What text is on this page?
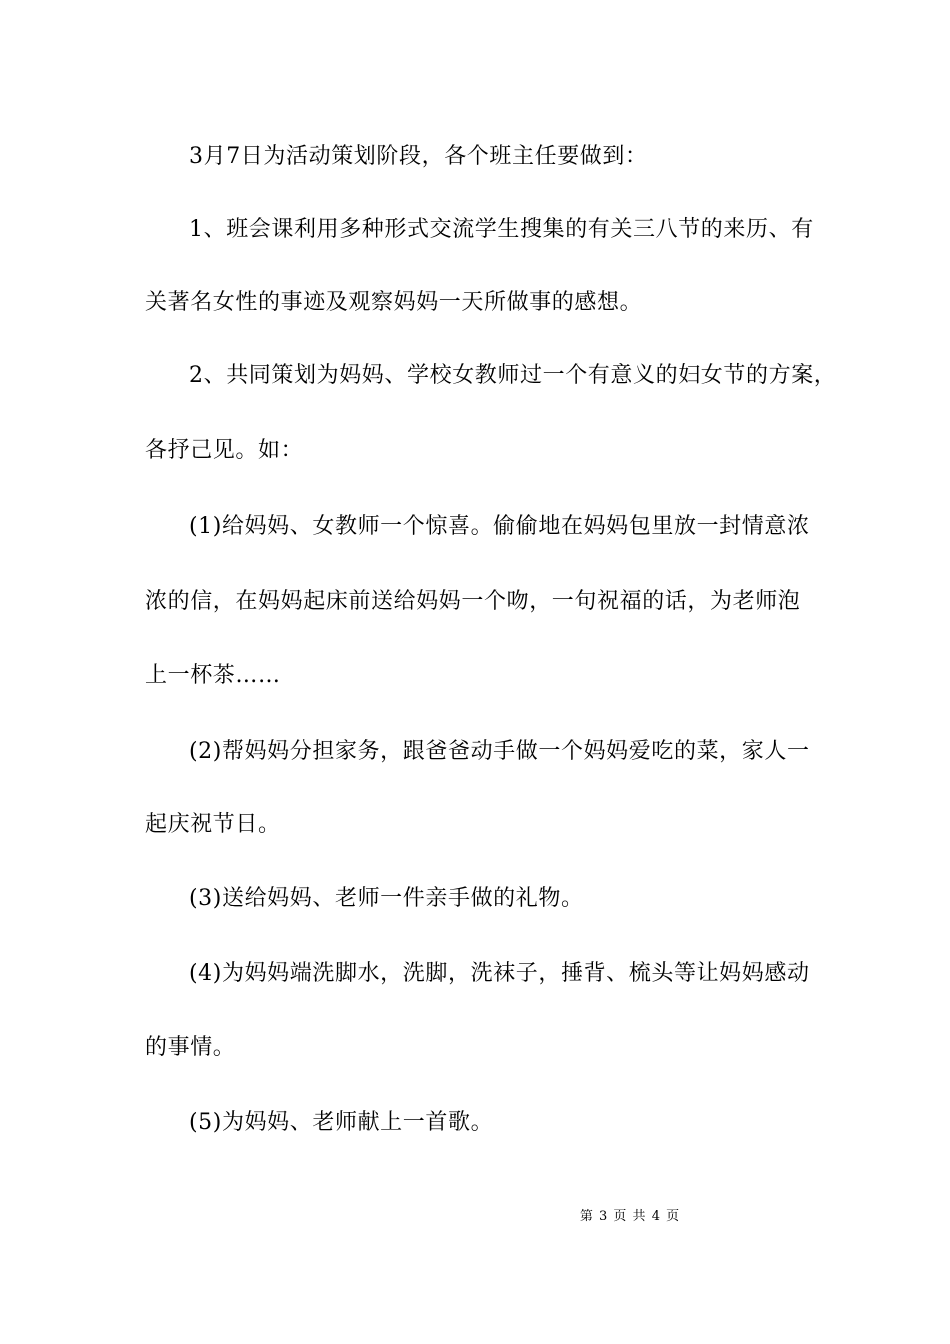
3月7日为活动策划阶段，各个班主任要做到：
1、班会课利用多种形式交流学生搜集的有关三八节的来历、有
关著名女性的事迹及观察妈妈一天所做事的感想。
2、共同策划为妈妈、学校女教师过一个有意义的妇女节的方案，
各抒己见。如：
(1)给妈妈、女教师一个惊喜。偷偷地在妈妈包里放一封情意浓
浓的信，在妈妈起床前送给妈妈一个吻，一句祝福的话，为老师泡
上一杯茶……
(2)帮妈妈分担家务，跟爸爸动手做一个妈妈爱吃的菜，家人一
起庆祝节日。
(3)送给妈妈、老师一件亲手做的礼物。
(4)为妈妈端洗脚水，洗脚，洗袜子，捶背、梳头等让妈妈感动
的事情。
(5)为妈妈、老师献上一首歌。
第 3 页 共 4 页
